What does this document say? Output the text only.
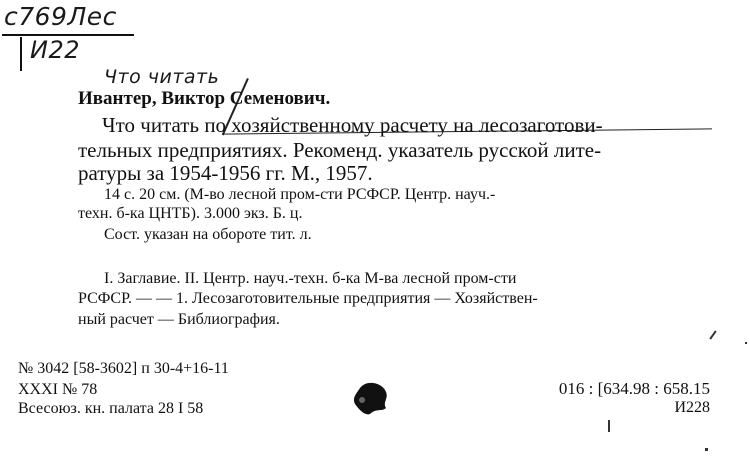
c769Лес
И22
Что читать
Ивантер, Виктор Семенович.
Что читать по хозяйственному расчету на лесозаготови-
тельных предприятиях. Рекоменд. указатель русской лите-
ратуры за 1954-1956 гг. М., 1957.
14 с. 20 см. (М-во лесной пром-сти РСФСР. Центр. науч.-
техн. б-ка ЦНТБ). 3.000 экз. Б. ц.
Сост. указан на обороте тит. л.
I. Заглавие. II. Центр. науч.-техн. б-ка М-ва лесной пром-сти
РСФСР. — — 1. Лесозаготовительные предприятия — Хозяйствен-
ный расчет — Библиография.
№ 3042 [58-3602] п 30-4+16-11
XXXI № 78
Всесоюз. кн. палата 28 I 58
016 : [634.98 : 658.15
И228
